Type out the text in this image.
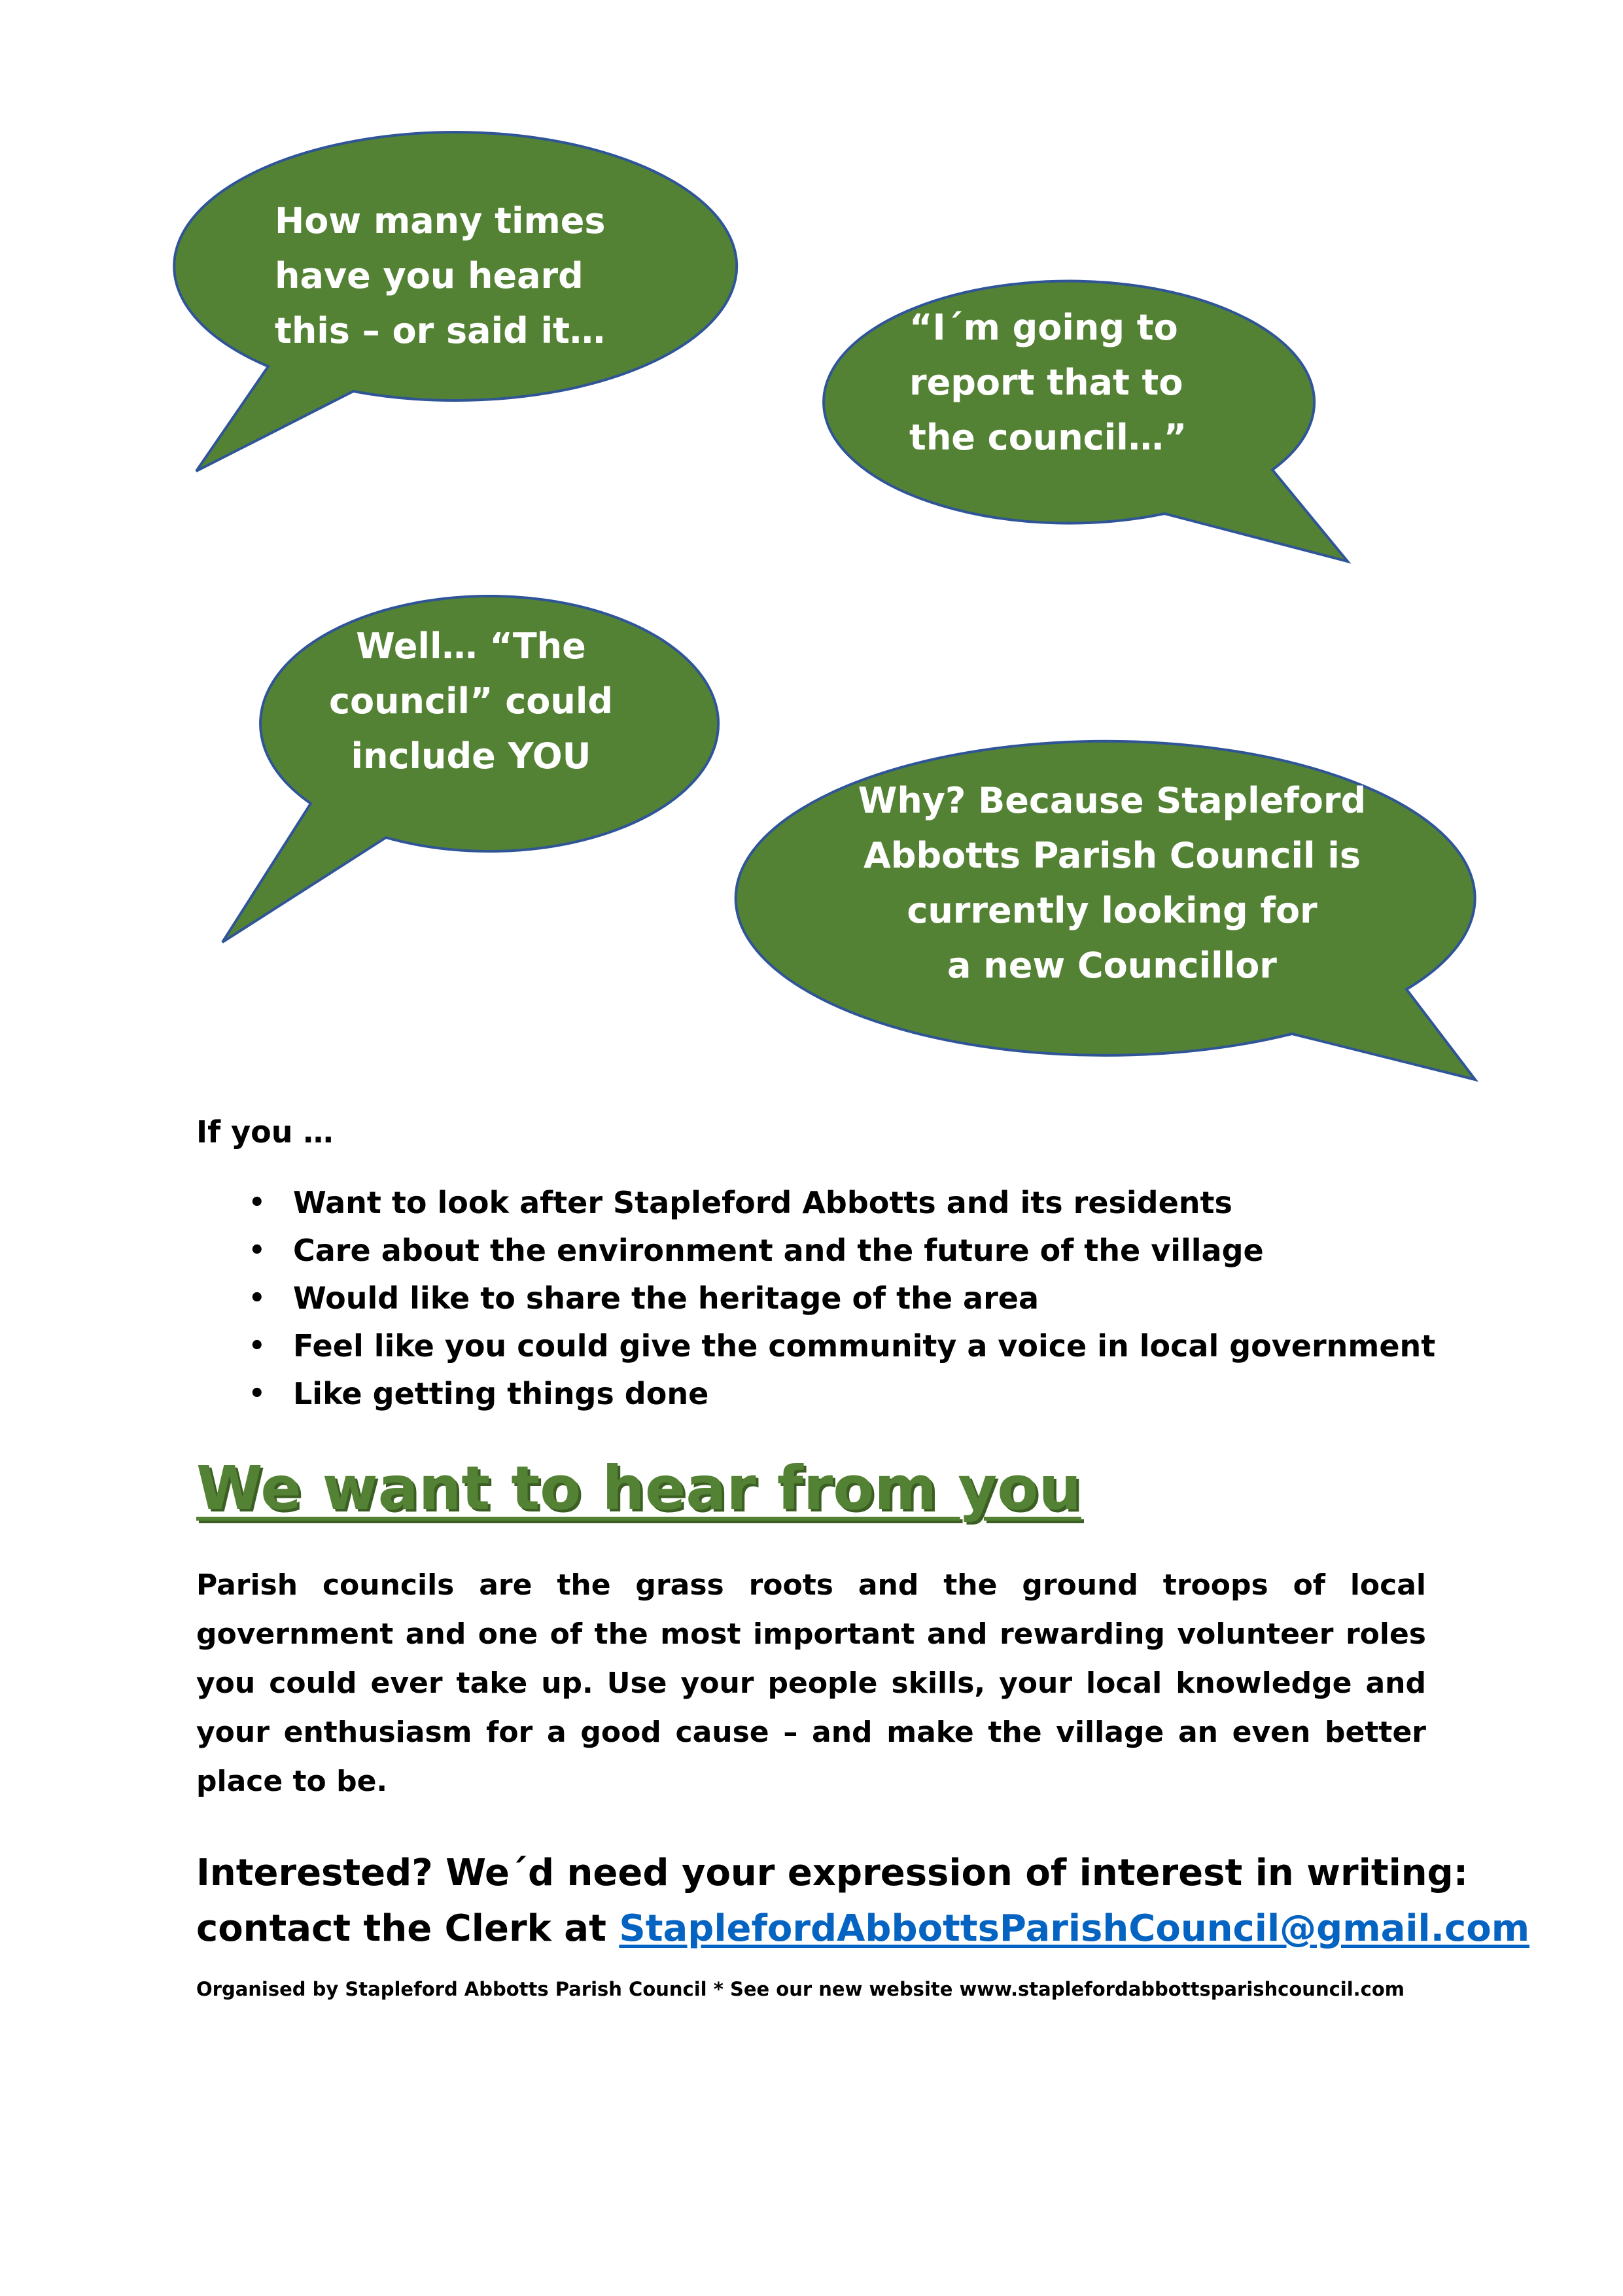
How many times
have you heard
this – or said it…	“I´m going to
report that to
the council…”
Well… “The
council” could
include YOU
Why? Because Stapleford
Abbotts Parish Council is
currently looking for
a new Councillor
If you …
• Want to look after Stapleford Abbotts and its residents
• Care about the environment and the future of the village
• Would like to share the heritage of the area
• Feel like you could give the community a voice in local government
• Like getting things done
We want to hear from you

Parish councils are the grass roots and the ground troops of local government and one of the most important and rewarding volunteer roles you could ever take up. Use your people skills, your local knowledge and your enthusiasm for a good cause – and make the village an even better place to be.

Interested? We´d need your expression of interest in writing:
contact the Clerk at StaplefordAbbottsParishCouncil@gmail.com
Organised by Stapleford Abbotts Parish Council * See our new website www.staplefordabbottsparishcouncil.com
